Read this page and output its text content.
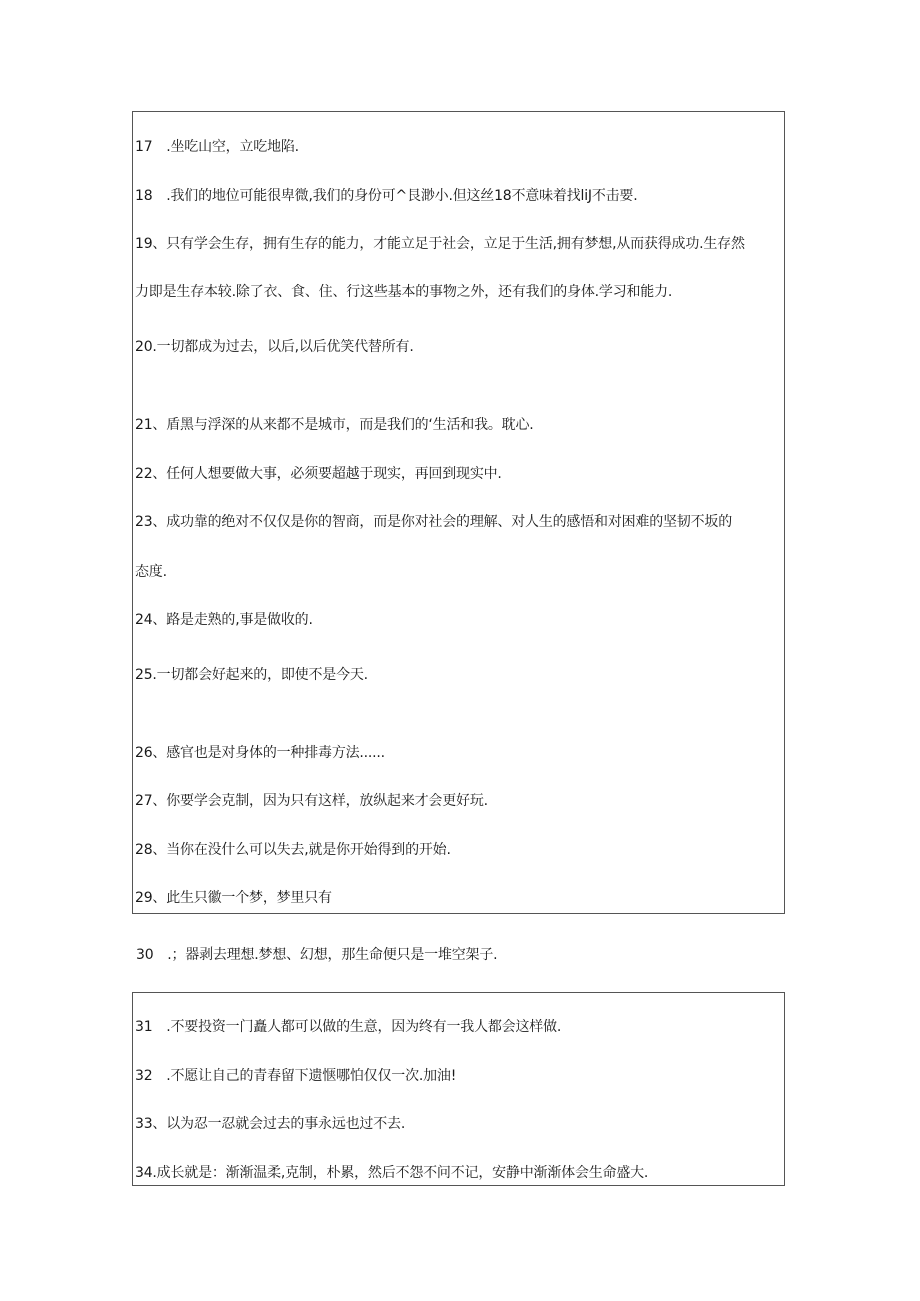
17　.坐吃山空，立吃地陷.
18　.我们的地位可能很卑微,我们的身份可^艮渺小.但这丝18不意味着找liJ不击要.
19、只有学会生存，拥有生存的能力，才能立足于社会，立足于生活,拥有梦想,从而获得成功.生存然
力即是生存本较.除了衣、食、住、行这些基本的事物之外，还有我们的身体.学习和能力.
20.一切都成为过去，以后,以后优笑代替所有.
21、盾黑与浮深的从来都不是城市，而是我们的‘生活和我。耽心.
22、任何人想要做大事，必须要超越于现实，再回到现实中.
23、成功靠的绝对不仅仅是你的智商，而是你对社会的理解、对人生的感悟和对困难的坚韧不坂的
态度.
24、路是走熟的,事是做收的.
25.一切都会好起来的，即使不是今天.
26、感官也是对身体的一种排毒方法......
27、你要学会克制，因为只有这样，放纵起来才会更好玩.
28、当你在没什么可以失去,就是你开始得到的开始.
29、此生只徽一个梦，梦里只有
30　.；器剥去理想.梦想、幻想，那生命便只是一堆空架子.
31　.不要投资一门矗人都可以做的生意，因为终有一我人都会这样做.
32　.不愿让自己的青春留下遗惬哪怕仅仅一次.加油!
33、以为忍一忍就会过去的事永远也过不去.
34.成长就是：渐渐温柔,克制，朴累，然后不怨不问不记，安静中渐渐体会生命盛大.
